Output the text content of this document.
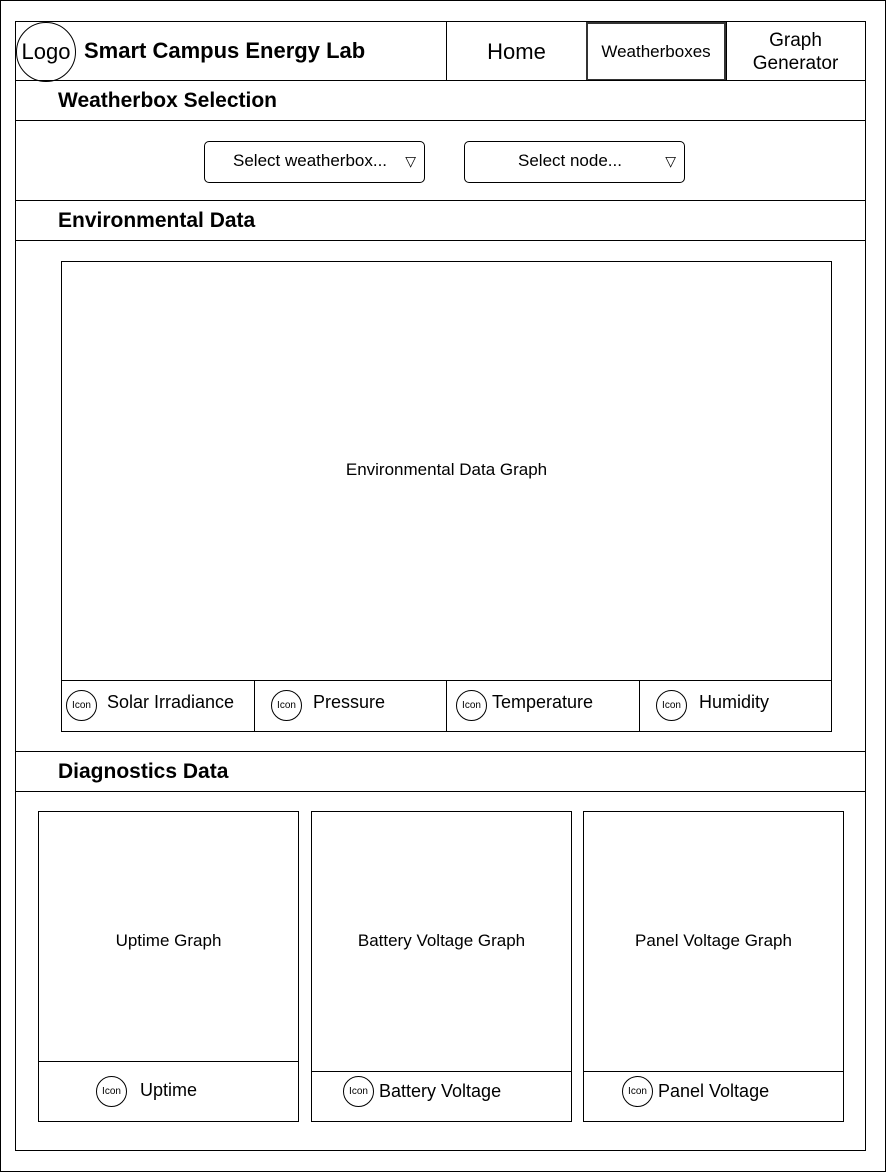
Logo Smart Campus Energy Lab	Home	Weatherboxes
Graph Generator
Weatherbox Selection
Select weatherbox... ▽	Select node...	▽
Environmental Data
Environmental Data Graph
Icon Solar Irradiance	Icon Pressure	Icon Temperature	Icon	Humidity
Diagnostics Data
Uptime Graph
Icon	Uptime
Battery Voltage Graph
Icon Battery Voltage
Panel Voltage Graph
Icon Panel Voltage
